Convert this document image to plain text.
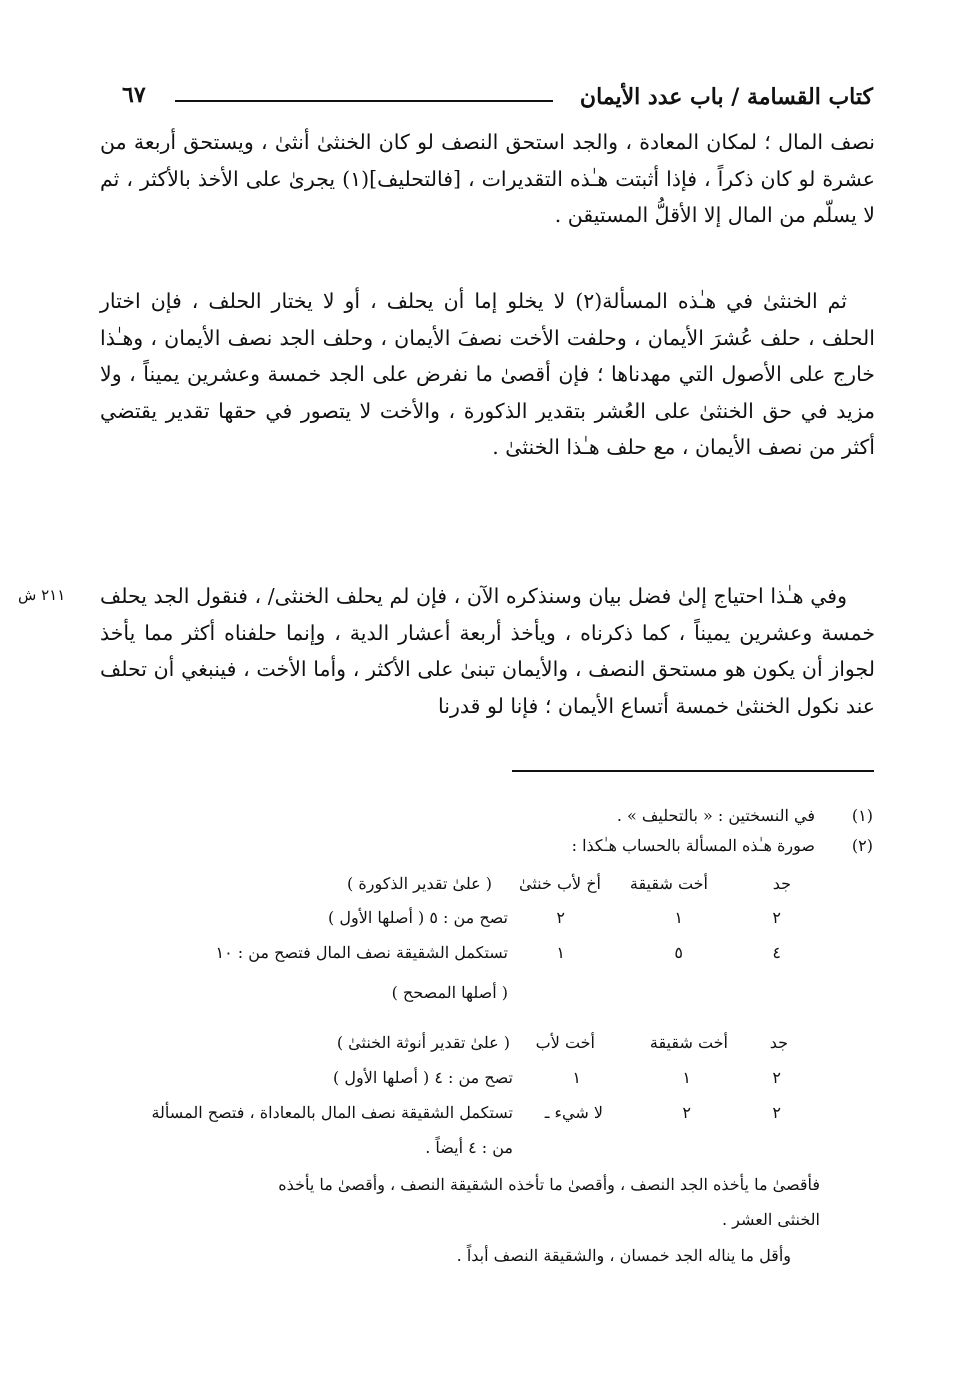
كتاب القسامة / باب عدد الأيمان
٦٧
نصف المال ؛ لمكان المعادة ، والجد استحق النصف لو كان الخنثىٰ أنثىٰ ، ويستحق أربعة من عشرة لو كان ذكراً ، فإذا أثبتت هـٰذه التقديرات ، [فالتحليف](١) يجرىٰ على الأخذ بالأكثر ، ثم لا يسلّم من المال إلا الأقلُّ المستيقن .
ثم الخنثىٰ في هـٰذه المسألة(٢) لا يخلو إما أن يحلف ، أو لا يختار الحلف ، فإن اختار الحلف ، حلف عُشرَ الأيمان ، وحلفت الأخت نصفَ الأيمان ، وحلف الجد نصف الأيمان ، وهـٰذا خارج على الأصول التي مهدناها ؛ فإن أقصىٰ ما نفرض على الجد خمسة وعشرين يميناً ، ولا مزيد في حق الخنثىٰ على العُشر بتقدير الذكورة ، والأخت لا يتصور في حقها تقدير يقتضي أكثر من نصف الأيمان ، مع حلف هـٰذا الخنثىٰ .
وفي هـٰذا احتياج إلىٰ فضل بيان وسنذكره الآن ، فإن لم يحلف الخنثى/ ، فنقول الجد يحلف خمسة وعشرين يميناً ، كما ذكرناه ، ويأخذ أربعة أعشار الدية ، وإنما حلفناه أكثر مما يأخذ لجواز أن يكون هو مستحق النصف ، والأيمان تبنىٰ على الأكثر ، وأما الأخت ، فينبغي أن تحلف عند نكول الخنثىٰ خمسة أتساع الأيمان ؛ فإنا لو قدرنا
٢١١ ش
(١)
في النسختين : « بالتحليف » .
(٢)
صورة هـٰذه المسألة بالحساب هـٰكذا :
جد
أخت شقيقة
أخ لأب خنثىٰ
( علىٰ تقدير الذكورة )
٢
١
٢
تصح من : ٥ ( أصلها الأول )
٤
٥
١
تستكمل الشقيقة نصف المال فتصح من : ١٠
( أصلها المصحح )
جد
أخت شقيقة
أخت لأب
( علىٰ تقدير أنوثة الخنثىٰ )
٢
١
١
تصح من : ٤ ( أصلها الأول )
٢
٢
لا شيء ـ
تستكمل الشقيقة نصف المال بالمعاداة ، فتصح المسألة
من : ٤ أيضاً .
فأقصىٰ ما يأخذه الجد النصف ، وأقصىٰ ما تأخذه الشقيقة النصف ، وأقصىٰ ما يأخذه
الخنثى العشر .
وأقل ما يناله الجد خمسان ، والشقيقة النصف أبداً .
